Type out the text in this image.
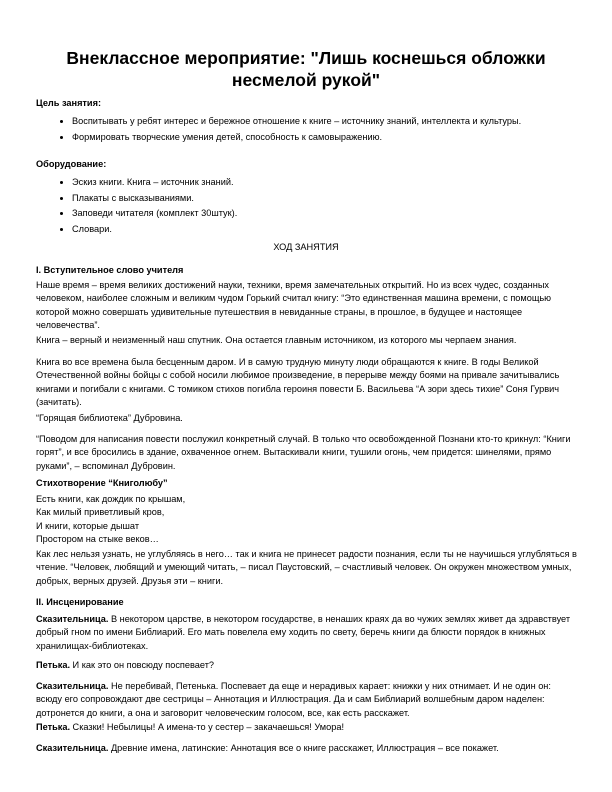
Внеклассное мероприятие: "Лишь коснешься обложки
несмелой рукой"
Цель занятия:
• Воспитывать у ребят интерес и бережное отношение к книге – источнику знаний, интеллекта и культуры.
• Формировать творческие умения детей, способность к самовыражению.
Оборудование:
• Эскиз книги. Книга – источник знаний.
• Плакаты с высказываниями.
• Заповеди читателя (комплект 30штук).
• Словари.
ХОД ЗАНЯТИЯ
I. Вступительное слово учителя
Наше время – время великих достижений науки, техники, время замечательных открытий. Но из всех чудес, созданных человеком, наиболее сложным и великим чудом Горький считал книгу: “Это единственная машина времени, с помощью которой можно совершать удивительные путешествия в невиданные страны, в прошлое, в будущее и настоящее человечества”.
Книга – верный и неизменный наш спутник. Она остается главным источником, из которого мы черпаем знания.
Книга во все времена была бесценным даром. И в самую трудную минуту люди обращаются к книге. В годы Великой Отечественной войны бойцы с собой носили любимое произведение, в перерыве между боями на привале зачитывались книгами и погибали с книгами. С томиком стихов погибла героиня повести Б. Васильева “А зори здесь тихие” Соня Гурвич (зачитать).
“Горящая библиотека” Дубровина.
“Поводом для написания повести послужил конкретный случай. В только что освобожденной Познани кто-то крикнул: “Книги горят”, и все бросились в здание, охваченное огнем. Вытаскивали книги, тушили огонь, чем придется: шинелями, прямо руками”, – вспоминал Дубровин.
Стихотворение “Книголюбу”
Есть книги, как дождик по крышам,
Как милый приветливый кров,
И книги, которые дышат
Простором на стыке веков…
Как лес нельзя узнать, не углубляясь в него… так и книга не принесет радости познания, если ты не научишься углубляться в чтение. “Человек, любящий и умеющий читать, – писал Паустовский, – счастливый человек. Он окружен множеством умных, добрых, верных друзей. Друзья эти – книги.
II. Инсценирование
Сказительница. В некотором царстве, в некотором государстве, в ненаших краях да во чужих землях живет да здравствует добрый гном по имени Библиарий. Его мать повелела ему ходить по свету, беречь книги да блюсти порядок в книжных хранилищах-библиотеках.
Петька. И как это он повсюду поспевает?
Сказительница. Не перебивай, Петенька. Поспевает да еще и нерадивых карает: книжки у них отнимает. И не один он: всюду его сопровождают две сестрицы – Аннотация и Иллюстрация. Да и сам Библиарий волшебным даром наделен: дотронется до книги, а она и заговорит человеческим голосом, все, как есть расскажет.
Петька. Сказки! Небылицы! А имена-то у сестер – закачаешься! Умора!
Сказительница. Древние имена, латинские: Аннотация все о книге расскажет, Иллюстрация – все покажет.
